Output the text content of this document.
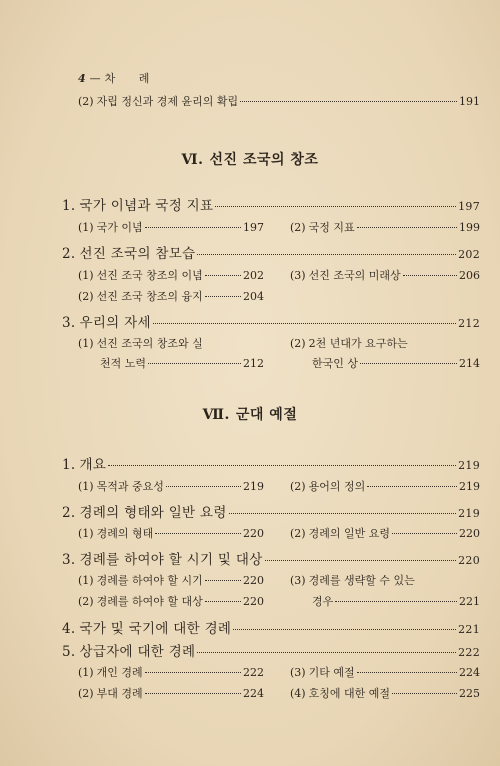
4 — 차 례
(2) 자립 정신과 경제 윤리의 확립	191
Ⅵ. 선진 조국의 창조
1. 국가 이념과 국정 지표	197
(1) 국가 이념	197 (2) 국정 지표	199
2. 선진 조국의 참모습	202
(1) 선진 조국 창조의 이념	202 (3) 선진 조국의 미래상	206
(2) 선진 조국 창조의 융지	204
3. 우리의 자세	212
(1) 선진 조국의 창조와 실	(2) 2천 년대가 요구하는
천적 노력	212	한국인 상	214
Ⅶ. 군대 예절
1. 개요	219
(1) 목적과 중요성	219 (2) 용어의 정의	219
2. 경례의 형태와 일반 요령	219
(1) 경례의 형태	220 (2) 경례의 일반 요령	220
3. 경례를 하여야 할 시기 및 대상	220
(1) 경례를 하여야 할 시기	220 (3) 경례를 생략할 수 있는
(2) 경례를 하여야 할 대상	220	경우	221
4. 국가 및 국기에 대한 경례	221
5. 상급자에 대한 경례	222
(1) 개인 경례	222 (3) 기타 예절	224
(2) 부대 경례	224 (4) 호칭에 대한 예절	225
